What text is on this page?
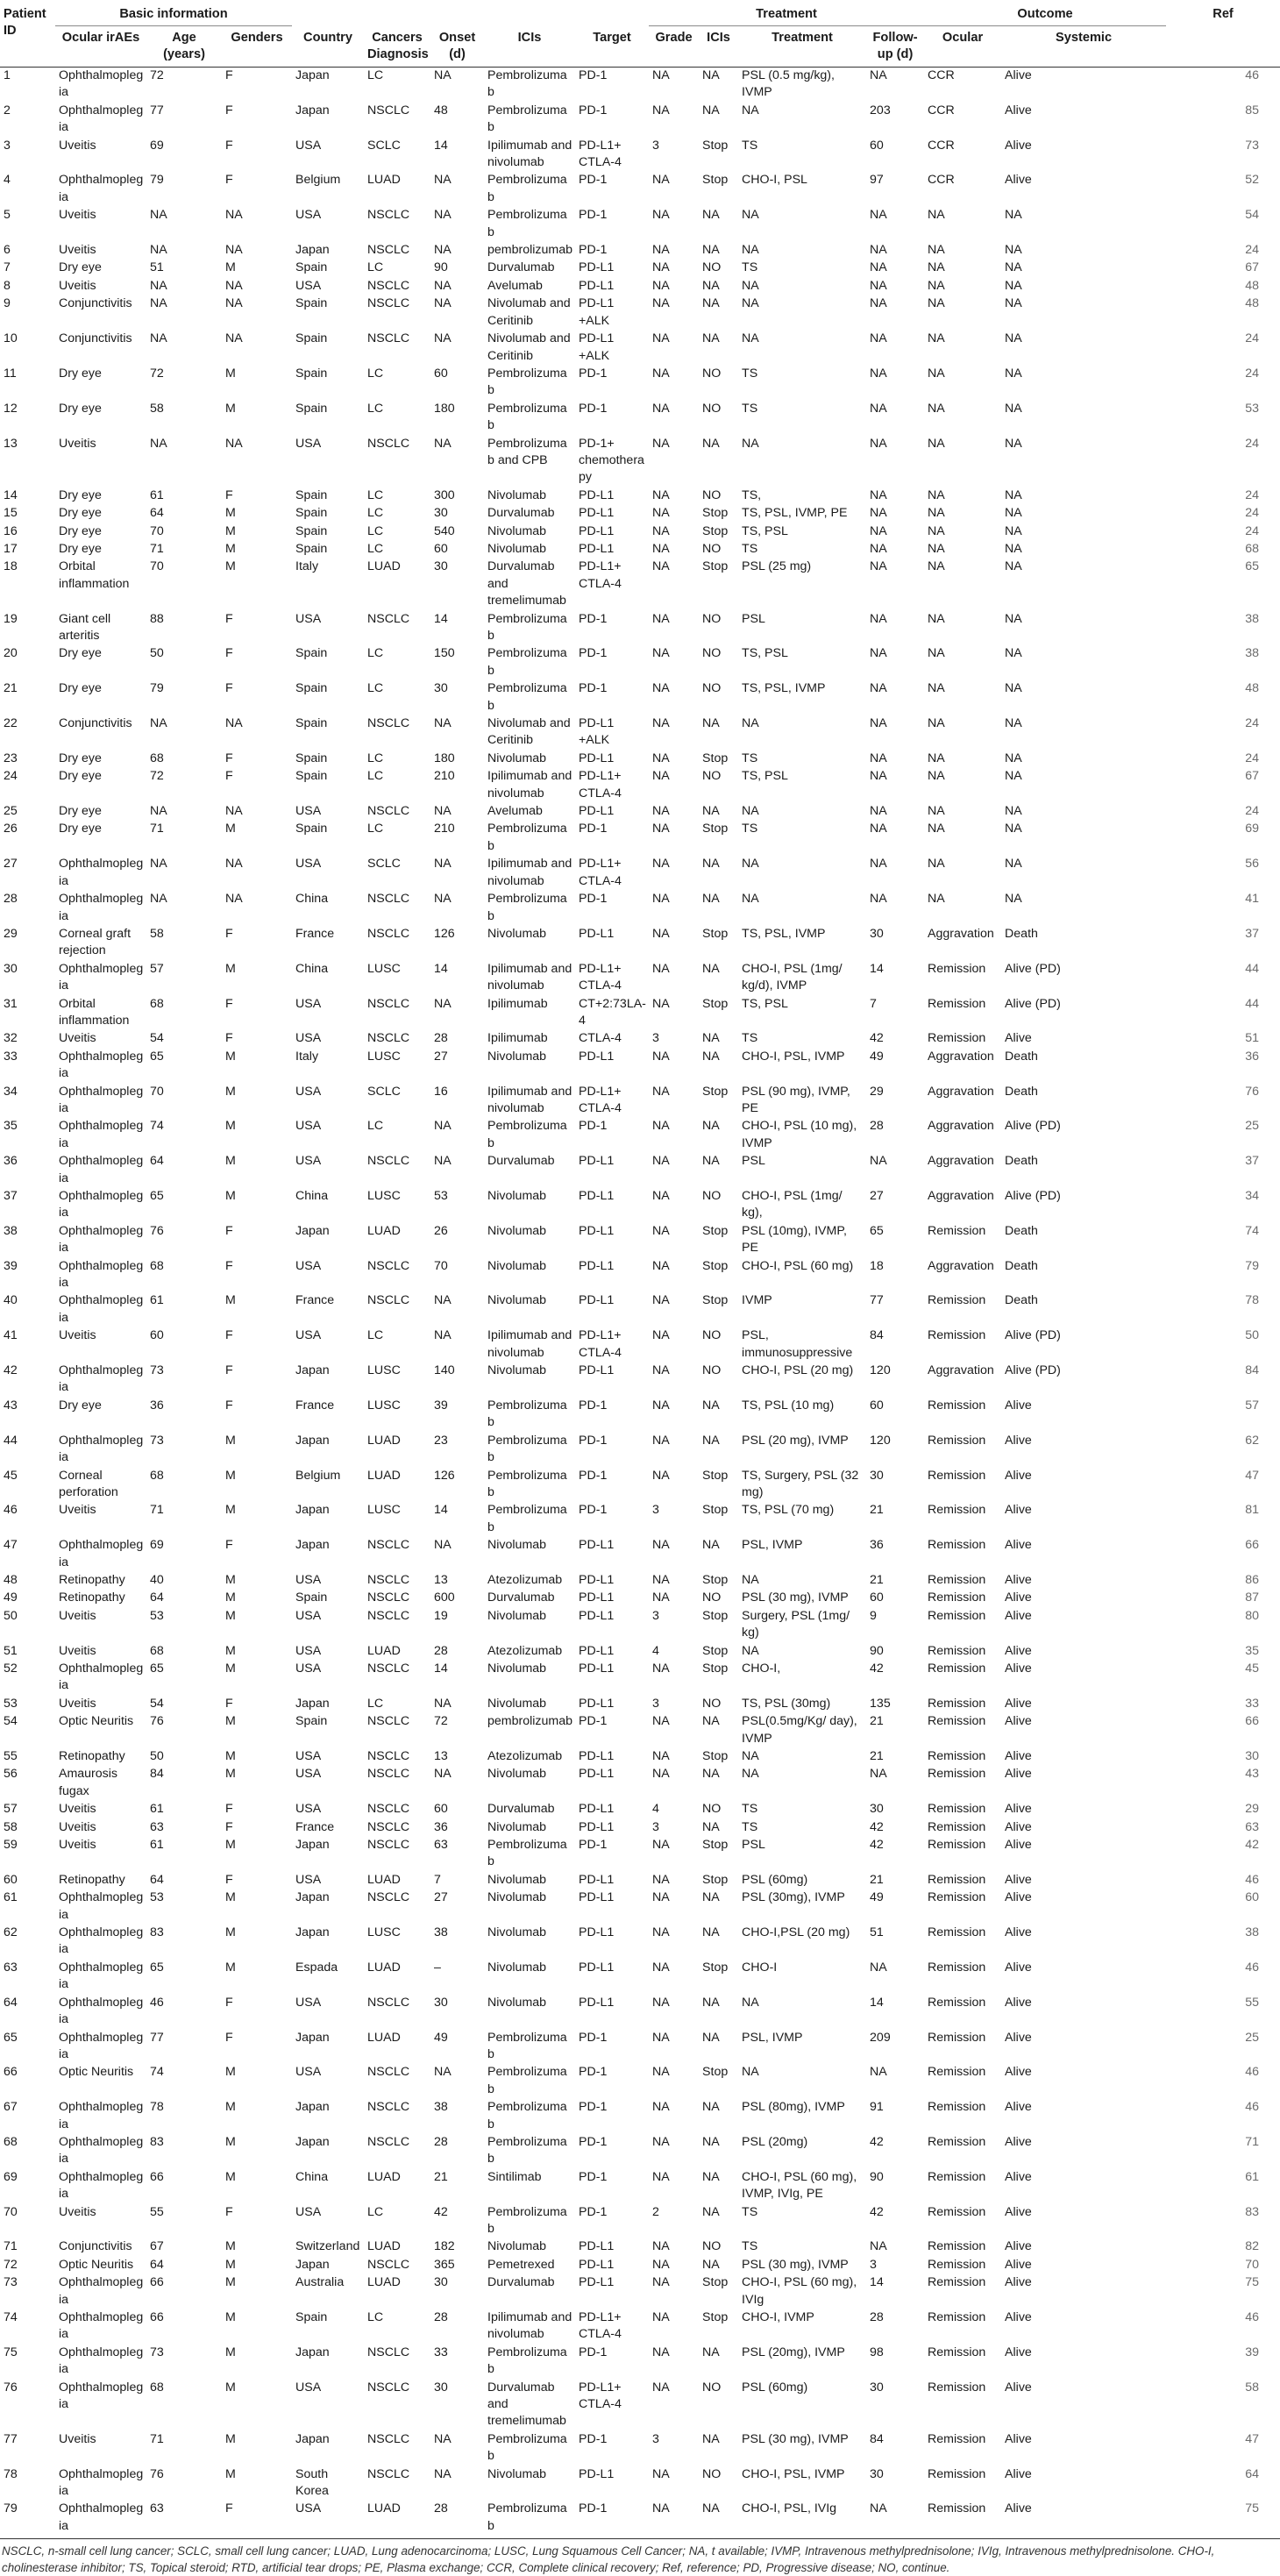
Patient ID	Basic information								Treatment				Outcome		Ref
	Ocular irAEs	Age (years)	Genders	Country	Cancers Diagnosis	Onset (d)	ICIs	Target	Grade	ICIs	Treatment	Follow-up (d)	Ocular	Systemic	
1	Ophthalmoplegia	72	F	Japan	LC	NA	Pembrolizumab	PD-1	NA	NA	PSL (0.5 mg/kg), IVMP	NA	CCR	Alive	46
2	Ophthalmoplegia	77	F	Japan	NSCLC	48	Pembrolizumab	PD-1	NA	NA	NA	203	CCR	Alive	85
3	Uveitis	69	F	USA	SCLC	14	Ipilimumab and nivolumab	PD-L1+ CTLA-4	3	Stop	TS	60	CCR	Alive	73
4	Ophthalmoplegia	79	F	Belgium	LUAD	NA	Pembrolizumab	PD-1	NA	Stop	CHO-I, PSL	97	CCR	Alive	52
5	Uveitis	NA	NA	USA	NSCLC	NA	Pembrolizumab	PD-1	NA	NA	NA	NA	NA	NA	54
6	Uveitis	NA	NA	Japan	NSCLC	NA	pembrolizumab	PD-1	NA	NA	NA	NA	NA	NA	24
7	Dry eye	51	M	Spain	LC	90	Durvalumab	PD-L1	NA	NO	TS	NA	NA	NA	67
8	Uveitis	NA	NA	USA	NSCLC	NA	Avelumab	PD-L1	NA	NA	NA	NA	NA	NA	48
9	Conjunctivitis	NA	NA	Spain	NSCLC	NA	Nivolumab and Ceritinib	PD-L1 +ALK	NA	NA	NA	NA	NA	NA	48
10	Conjunctivitis	NA	NA	Spain	NSCLC	NA	Nivolumab and Ceritinib	PD-L1 +ALK	NA	NA	NA	NA	NA	NA	24
11	Dry eye	72	M	Spain	LC	60	Pembrolizumab	PD-1	NA	NO	TS	NA	NA	NA	24
12	Dry eye	58	M	Spain	LC	180	Pembrolizumab	PD-1	NA	NO	TS	NA	NA	NA	53
13	Uveitis	NA	NA	USA	NSCLC	NA	Pembrolizumab and CPB	PD-1+ chemotherapy	NA	NA	NA	NA	NA	NA	24
14	Dry eye	61	F	Spain	LC	300	Nivolumab	PD-L1	NA	NO	TS,	NA	NA	NA	24
15	Dry eye	64	M	Spain	LC	30	Durvalumab	PD-L1	NA	Stop	TS, PSL, IVMP, PE	NA	NA	NA	24
16	Dry eye	70	M	Spain	LC	540	Nivolumab	PD-L1	NA	Stop	TS, PSL	NA	NA	NA	24
17	Dry eye	71	M	Spain	LC	60	Nivolumab	PD-L1	NA	NO	TS	NA	NA	NA	68
18	Orbital inflammation	70	M	Italy	LUAD	30	Durvalumab and tremelimumab	PD-L1+ CTLA-4	NA	Stop	PSL (25 mg)	NA	NA	NA	65
19	Giant cell arteritis	88	F	USA	NSCLC	14	Pembrolizumab	PD-1	NA	NO	PSL	NA	NA	NA	38
20	Dry eye	50	F	Spain	LC	150	Pembrolizumab	PD-1	NA	NO	TS, PSL	NA	NA	NA	38
21	Dry eye	79	F	Spain	LC	30	Pembrolizumab	PD-1	NA	NO	TS, PSL, IVMP	NA	NA	NA	48
22	Conjunctivitis	NA	NA	Spain	NSCLC	NA	Nivolumab and Ceritinib	PD-L1 +ALK	NA	NA	NA	NA	NA	NA	24
23	Dry eye	68	F	Spain	LC	180	Nivolumab	PD-L1	NA	Stop	TS	NA	NA	NA	24
24	Dry eye	72	F	Spain	LC	210	Ipilimumab and nivolumab	PD-L1+ CTLA-4	NA	NO	TS, PSL	NA	NA	NA	67
25	Dry eye	NA	NA	USA	NSCLC	NA	Avelumab	PD-L1	NA	NA	NA	NA	NA	NA	24
26	Dry eye	71	M	Spain	LC	210	Pembrolizumab	PD-1	NA	Stop	TS	NA	NA	NA	69
27	Ophthalmoplegia	NA	NA	USA	SCLC	NA	Ipilimumab and nivolumab	PD-L1+ CTLA-4	NA	NA	NA	NA	NA	NA	56
28	Ophthalmoplegia	NA	NA	China	NSCLC	NA	Pembrolizumab	PD-1	NA	NA	NA	NA	NA	NA	41
29	Corneal graft rejection	58	F	France	NSCLC	126	Nivolumab	PD-L1	NA	Stop	TS, PSL, IVMP	30	Aggravation	Death	37
30	Ophthalmoplegia	57	M	China	LUSC	14	Ipilimumab and nivolumab	PD-L1+ CTLA-4	NA	NA	CHO-I, PSL (1mg/ kg/d), IVMP	14	Remission	Alive (PD)	44
31	Orbital inflammation	68	F	USA	NSCLC	NA	Ipilimumab	CT+2:73LA-4	NA	Stop	TS, PSL	7	Remission	Alive (PD)	44
32	Uveitis	54	F	USA	NSCLC	28	Ipilimumab	CTLA-4	3	NA	TS	42	Remission	Alive	51
33	Ophthalmoplegia	65	M	Italy	LUSC	27	Nivolumab	PD-L1	NA	NA	CHO-I, PSL, IVMP	49	Aggravation	Death	36
34	Ophthalmoplegia	70	M	USA	SCLC	16	Ipilimumab and nivolumab	PD-L1+ CTLA-4	NA	Stop	PSL (90 mg), IVMP, PE	29	Aggravation	Death	76
35	Ophthalmoplegia	74	M	USA	LC	NA	Pembrolizumab	PD-1	NA	NA	CHO-I, PSL (10 mg), IVMP	28	Aggravation	Alive (PD)	25
36	Ophthalmoplegia	64	M	USA	NSCLC	NA	Durvalumab	PD-L1	NA	NA	PSL	NA	Aggravation	Death	37
37	Ophthalmoplegia	65	M	China	LUSC	53	Nivolumab	PD-L1	NA	NO	CHO-I, PSL (1mg/ kg),	27	Aggravation	Alive (PD)	34
38	Ophthalmoplegia	76	F	Japan	LUAD	26	Nivolumab	PD-L1	NA	Stop	PSL (10mg), IVMP, PE	65	Remission	Death	74
39	Ophthalmoplegia	68	F	USA	NSCLC	70	Nivolumab	PD-L1	NA	Stop	CHO-I, PSL (60 mg)	18	Aggravation	Death	79
40	Ophthalmoplegia	61	M	France	NSCLC	NA	Nivolumab	PD-L1	NA	Stop	IVMP	77	Remission	Death	78
41	Uveitis	60	F	USA	LC	NA	Ipilimumab and nivolumab	PD-L1+ CTLA-4	NA	NO	PSL, immunosuppressive	84	Remission	Alive (PD)	50
42	Ophthalmoplegia	73	F	Japan	LUSC	140	Nivolumab	PD-L1	NA	NO	CHO-I, PSL (20 mg)	120	Aggravation	Alive (PD)	84
43	Dry eye	36	F	France	LUSC	39	Pembrolizumab	PD-1	NA	NA	TS, PSL (10 mg)	60	Remission	Alive	57
44	Ophthalmoplegia	73	M	Japan	LUAD	23	Pembrolizumab	PD-1	NA	NA	PSL (20 mg), IVMP	120	Remission	Alive	62
45	Corneal perforation	68	M	Belgium	LUAD	126	Pembrolizumab	PD-1	NA	Stop	TS, Surgery, PSL (32 mg)	30	Remission	Alive	47
46	Uveitis	71	M	Japan	LUSC	14	Pembrolizumab	PD-1	3	Stop	TS, PSL (70 mg)	21	Remission	Alive	81
47	Ophthalmoplegia	69	F	Japan	NSCLC	NA	Nivolumab	PD-L1	NA	NA	PSL, IVMP	36	Remission	Alive	66
48	Retinopathy	40	M	USA	NSCLC	13	Atezolizumab	PD-L1	NA	Stop	NA	21	Remission	Alive	86
49	Retinopathy	64	M	Spain	NSCLC	600	Durvalumab	PD-L1	NA	NO	PSL (30 mg), IVMP	60	Remission	Alive	87
50	Uveitis	53	M	USA	NSCLC	19	Nivolumab	PD-L1	3	Stop	Surgery, PSL (1mg/ kg)	9	Remission	Alive	80
51	Uveitis	68	M	USA	LUAD	28	Atezolizumab	PD-L1	4	Stop	NA	90	Remission	Alive	35
52	Ophthalmoplegia	65	M	USA	NSCLC	14	Nivolumab	PD-L1	NA	Stop	CHO-I,	42	Remission	Alive	45
53	Uveitis	54	F	Japan	LC	NA	Nivolumab	PD-L1	3	NO	TS, PSL (30mg)	135	Remission	Alive	33
54	Optic Neuritis	76	M	Spain	NSCLC	72	pembrolizumab	PD-1	NA	NA	PSL(0.5mg/Kg/ day), IVMP	21	Remission	Alive	66
55	Retinopathy	50	M	USA	NSCLC	13	Atezolizumab	PD-L1	NA	Stop	NA	21	Remission	Alive	30
56	Amaurosis fugax	84	M	USA	NSCLC	NA	Nivolumab	PD-L1	NA	NA	NA	NA	Remission	Alive	43
57	Uveitis	61	F	USA	NSCLC	60	Durvalumab	PD-L1	4	NO	TS	30	Remission	Alive	29
58	Uveitis	63	F	France	NSCLC	36	Nivolumab	PD-L1	3	NA	TS	42	Remission	Alive	63
59	Uveitis	61	M	Japan	NSCLC	63	Pembrolizumab	PD-1	NA	Stop	PSL	42	Remission	Alive	42
60	Retinopathy	64	F	USA	LUAD	7	Nivolumab	PD-L1	NA	Stop	PSL (60mg)	21	Remission	Alive	46
61	Ophthalmoplegia	53	M	Japan	NSCLC	27	Nivolumab	PD-L1	NA	NA	PSL (30mg), IVMP	49	Remission	Alive	60
62	Ophthalmoplegia	83	M	Japan	LUSC	38	Nivolumab	PD-L1	NA	NA	CHO-I,PSL (20 mg)	51	Remission	Alive	38
63	Ophthalmoplegia	65	M	Espada	LUAD	–	Nivolumab	PD-L1	NA	Stop	CHO-I	NA	Remission	Alive	46
64	Ophthalmoplegia	46	F	USA	NSCLC	30	Nivolumab	PD-L1	NA	NA	NA	14	Remission	Alive	55
65	Ophthalmoplegia	77	F	Japan	LUAD	49	Pembrolizumab	PD-1	NA	NA	PSL, IVMP	209	Remission	Alive	25
66	Optic Neuritis	74	M	USA	NSCLC	NA	Pembrolizumab	PD-1	NA	Stop	NA	NA	Remission	Alive	46
67	Ophthalmoplegia	78	M	Japan	NSCLC	38	Pembrolizumab	PD-1	NA	NA	PSL (80mg), IVMP	91	Remission	Alive	46
68	Ophthalmoplegia	83	M	Japan	NSCLC	28	Pembrolizumab	PD-1	NA	NA	PSL (20mg)	42	Remission	Alive	71
69	Ophthalmoplegia	66	M	China	LUAD	21	Sintilimab	PD-1	NA	NA	CHO-I, PSL (60 mg), IVMP, IVIg, PE	90	Remission	Alive	61
70	Uveitis	55	F	USA	LC	42	Pembrolizumab	PD-1	2	NA	TS	42	Remission	Alive	83
71	Conjunctivitis	67	M	Switzerland	LUAD	182	Nivolumab	PD-L1	NA	NO	TS	NA	Remission	Alive	82
72	Optic Neuritis	64	M	Japan	NSCLC	365	Pemetrexed	PD-L1	NA	NA	PSL (30 mg), IVMP	3	Remission	Alive	70
73	Ophthalmoplegia	66	M	Australia	LUAD	30	Durvalumab	PD-L1	NA	Stop	CHO-I, PSL (60 mg), IVIg	14	Remission	Alive	75
74	Ophthalmoplegia	66	M	Spain	LC	28	Ipilimumab and nivolumab	PD-L1+ CTLA-4	NA	Stop	CHO-I, IVMP	28	Remission	Alive	46
75	Ophthalmoplegia	73	M	Japan	NSCLC	33	Pembrolizumab	PD-1	NA	NA	PSL (20mg), IVMP	98	Remission	Alive	39
76	Ophthalmoplegia	68	M	USA	NSCLC	30	Durvalumab and tremelimumab	PD-L1+ CTLA-4	NA	NO	PSL (60mg)	30	Remission	Alive	58
77	Uveitis	71	M	Japan	NSCLC	NA	Pembrolizumab	PD-1	3	NA	PSL (30 mg), IVMP	84	Remission	Alive	47
78	Ophthalmoplegia	76	M	South Korea	NSCLC	NA	Nivolumab	PD-L1	NA	NO	CHO-I, PSL, IVMP	30	Remission	Alive	64
79	Ophthalmoplegia	63	F	USA	LUAD	28	Pembrolizumab	PD-1	NA	NA	CHO-I, PSL, IVIg	NA	Remission	Alive	75
NSCLC, n-small cell lung cancer; SCLC, small cell lung cancer; LUAD, Lung adenocarcinoma; LUSC, Lung Squamous Cell Cancer; NA, t available; IVMP, Intravenous methylprednisolone; IVIg, Intravenous methylprednisolone. CHO-I, cholinesterase inhibitor; TS, Topical steroid; RTD, artificial tear drops; PE, Plasma exchange; CCR, Complete clinical recovery; Ref, reference; PD, Progressive disease; NO, continue.
